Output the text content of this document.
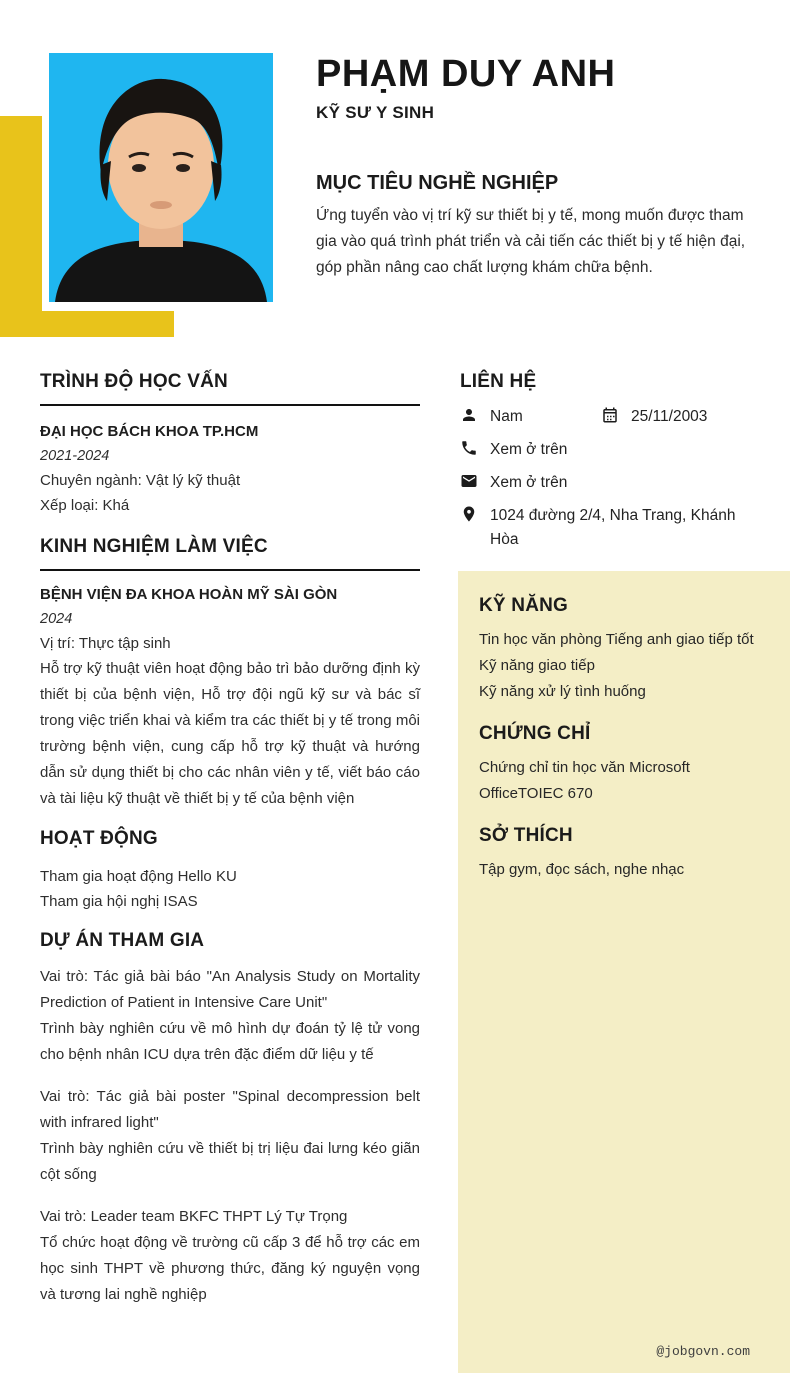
PHẠM DUY ANH
KỸ SƯ Y SINH
MỤC TIÊU NGHỀ NGHIỆP
Ứng tuyển vào vị trí kỹ sư thiết bị y tế, mong muốn được tham gia vào quá trình phát triển và cải tiến các thiết bị y tế hiện đại, góp phần nâng cao chất lượng khám chữa bệnh.
TRÌNH ĐỘ HỌC VẤN
ĐẠI HỌC BÁCH KHOA TP.HCM
2021-2024
Chuyên ngành: Vật lý kỹ thuật
Xếp loại: Khá
KINH NGHIỆM LÀM VIỆC
BỆNH VIỆN ĐA KHOA HOÀN MỸ SÀI GÒN
2024
Vị trí: Thực tập sinh
Hỗ trợ kỹ thuật viên hoạt động bảo trì bảo dưỡng định kỳ thiết bị của bệnh viện, Hỗ trợ đội ngũ kỹ sư và bác sĩ trong việc triển khai và kiểm tra các thiết bị y tế trong môi trường bệnh viện, cung cấp hỗ trợ kỹ thuật và hướng dẫn sử dụng thiết bị cho các nhân viên y tế, viết báo cáo và tài liệu kỹ thuật về thiết bị y tế của bệnh viện
HOẠT ĐỘNG
Tham gia hoạt động Hello KU
Tham gia hội nghị ISAS
DỰ ÁN THAM GIA
Vai trò: Tác giả bài báo "An Analysis Study on Mortality Prediction of Patient in Intensive Care Unit"
Trình bày nghiên cứu về mô hình dự đoán tỷ lệ tử vong cho bệnh nhân ICU dựa trên đặc điểm dữ liệu y tế
Vai trò: Tác giả bài poster "Spinal decompression belt with infrared light"
Trình bày nghiên cứu về thiết bị trị liệu đai lưng kéo giãn cột sống
Vai trò: Leader team BKFC THPT Lý Tự Trọng
Tổ chức hoạt động về trường cũ cấp 3 để hỗ trợ các em học sinh THPT về phương thức, đăng ký nguyện vọng và tương lai nghề nghiệp
LIÊN HỆ
Nam	25/11/2003
Xem ở trên
Xem ở trên
1024 đường 2/4, Nha Trang, Khánh Hòa
KỸ NĂNG
Tin học văn phòng Tiếng anh giao tiếp tốt
Kỹ năng giao tiếp
Kỹ năng xử lý tình huống
CHỨNG CHỈ
Chứng chỉ tin học văn Microsoft
OfficeTOIEC 670
SỞ THÍCH
Tập gym, đọc sách, nghe nhạc
@jobgovn.com
